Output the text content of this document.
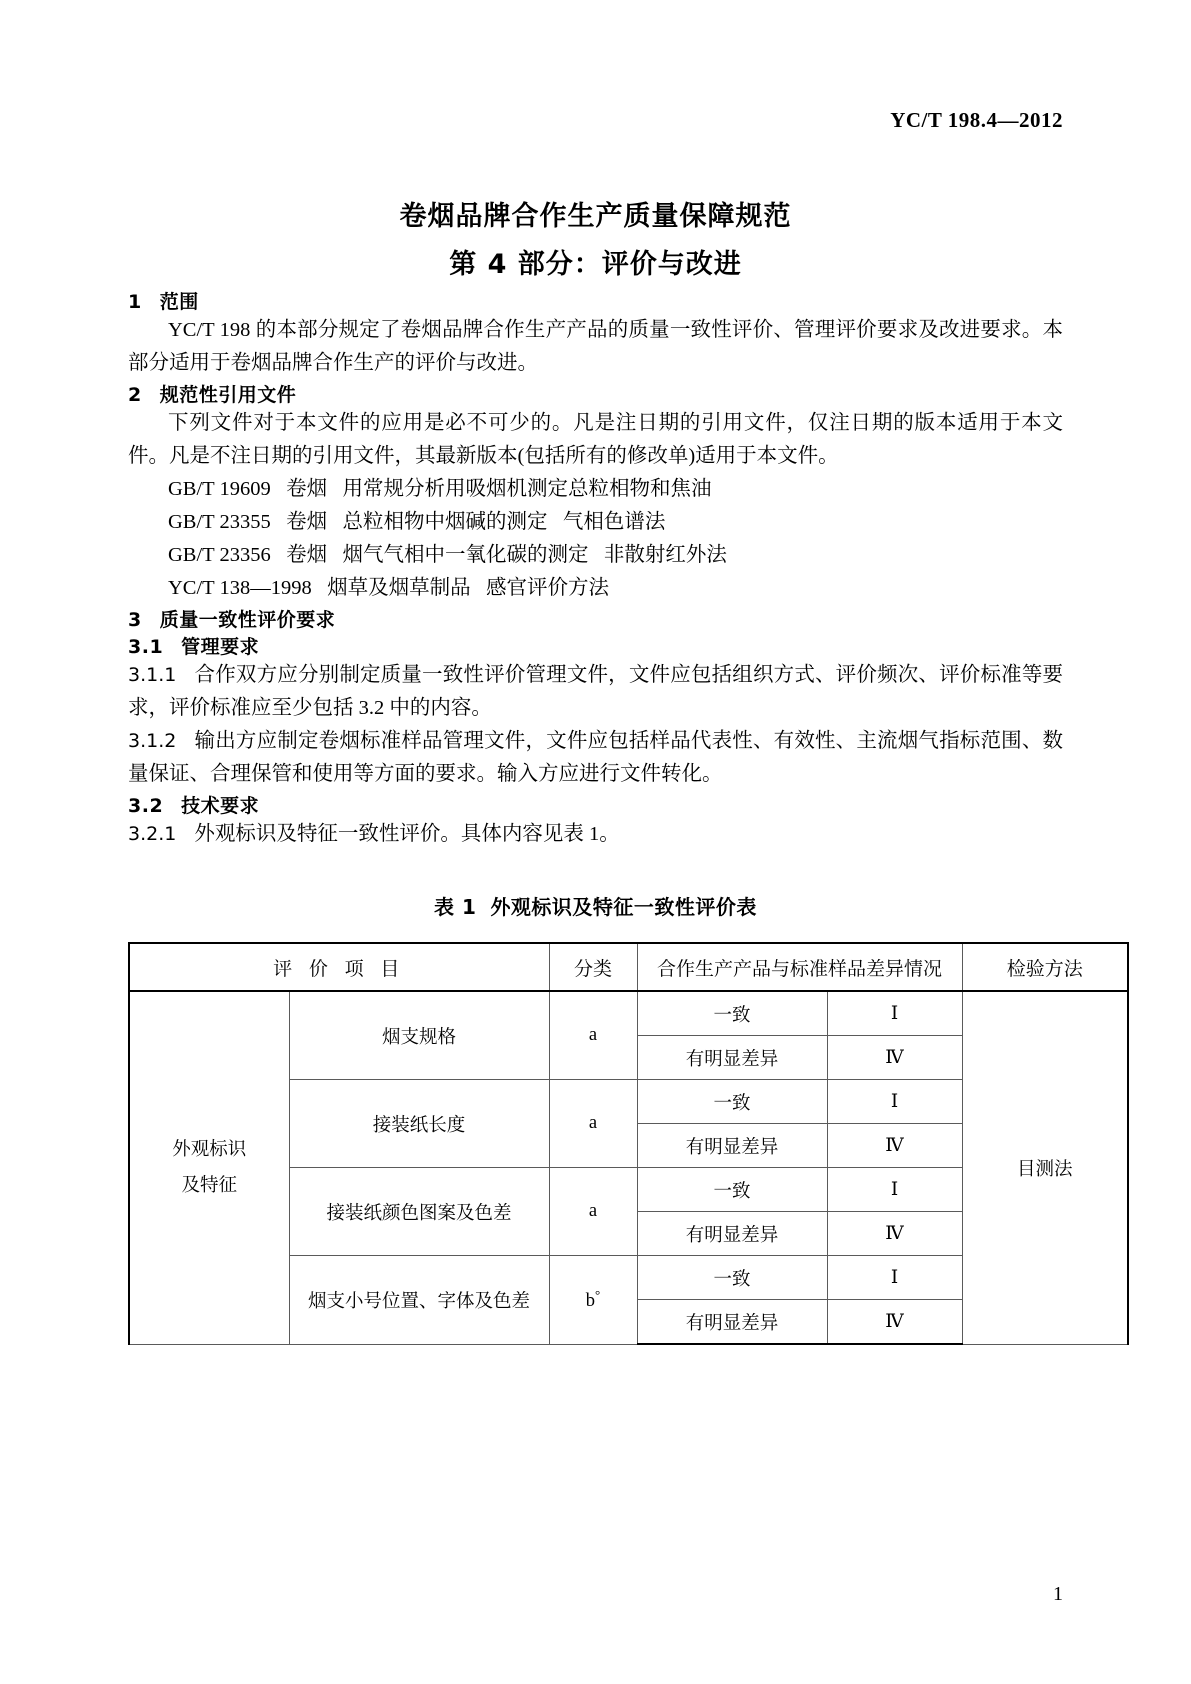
YC/T 198.4—2012
卷烟品牌合作生产质量保障规范
第 4 部分：评价与改进
1 范围

YC/T 198 的本部分规定了卷烟品牌合作生产产品的质量一致性评价、管理评价要求及改进要求。本部分适用于卷烟品牌合作生产的评价与改进。

2 规范性引用文件

下列文件对于本文件的应用是必不可少的。凡是注日期的引用文件，仅注日期的版本适用于本文件。凡是不注日期的引用文件，其最新版本(包括所有的修改单)适用于本文件。

GB/T 19609   卷烟   用常规分析用吸烟机测定总粒相物和焦油
GB/T 23355   卷烟   总粒相物中烟碱的测定   气相色谱法
GB/T 23356   卷烟   烟气气相中一氧化碳的测定   非散射红外法
YC/T 138—1998   烟草及烟草制品   感官评价方法
3 质量一致性评价要求
3.1 管理要求

3.1.1 合作双方应分别制定质量一致性评价管理文件，文件应包括组织方式、评价频次、评价标准等要求，评价标准应至少包括 3.2 中的内容。

3.1.2 输出方应制定卷烟标准样品管理文件，文件应包括样品代表性、有效性、主流烟气指标范围、数量保证、合理保管和使用等方面的要求。输入方应进行文件转化。

3.2 技术要求

3.2.1 外观标识及特征一致性评价。具体内容见表 1。

表 1 外观标识及特征一致性评价表
评 价 项 目		分类	合作生产产品与标准样品差异情况		检验方法
外观标识
及特征	烟支规格	a	一致	Ⅰ	目测法
			有明显差异	Ⅳ	
	接装纸长度	a	一致	Ⅰ	
			有明显差异	Ⅳ	
	接装纸颜色图案及色差	a	一致	Ⅰ	
			有明显差异	Ⅳ	
	烟支小号位置、字体及色差	b°	一致	Ⅰ	
			有明显差异	Ⅳ	
1
